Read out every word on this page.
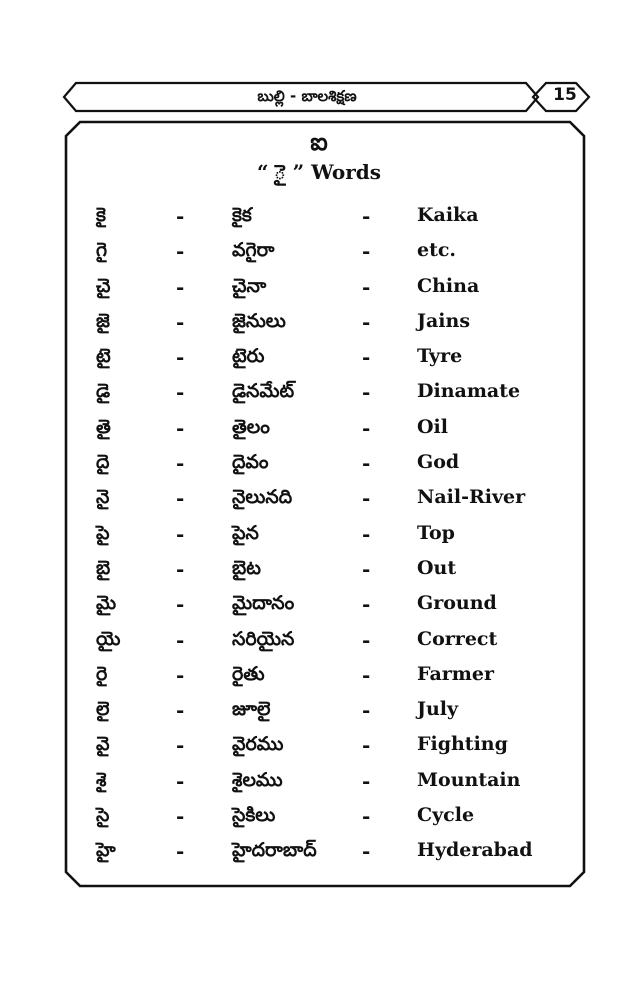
బుల్లి - బాలశిక్షణ	15
ఐ
“ ై ” Words
కై	-	కైక	- Kaika
గై	-	వగైరా	- etc.
చై	-	చైనా	- China
జై	-	జైనులు	- Jains
టై	-	టైరు	- Tyre
డై	-	డైనమేట్	- Dinamate
తై	-	తైలం	- Oil
దై	-	దైవం	- God
నై	-	నైలునది	- Nail-River
పై	-	పైన	- Top
బై	-	బైట	- Out
మై	-	మైదానం	- Ground
యై	-	సరియైన	- Correct
రై	-	రైతు	- Farmer
లై	-	జూలై	- July
వై	-	వైరము	- Fighting
శై	-	శైలము	- Mountain
సై	-	సైకిలు	- Cycle
హై	-	హైదరాబాద్ - Hyderabad
